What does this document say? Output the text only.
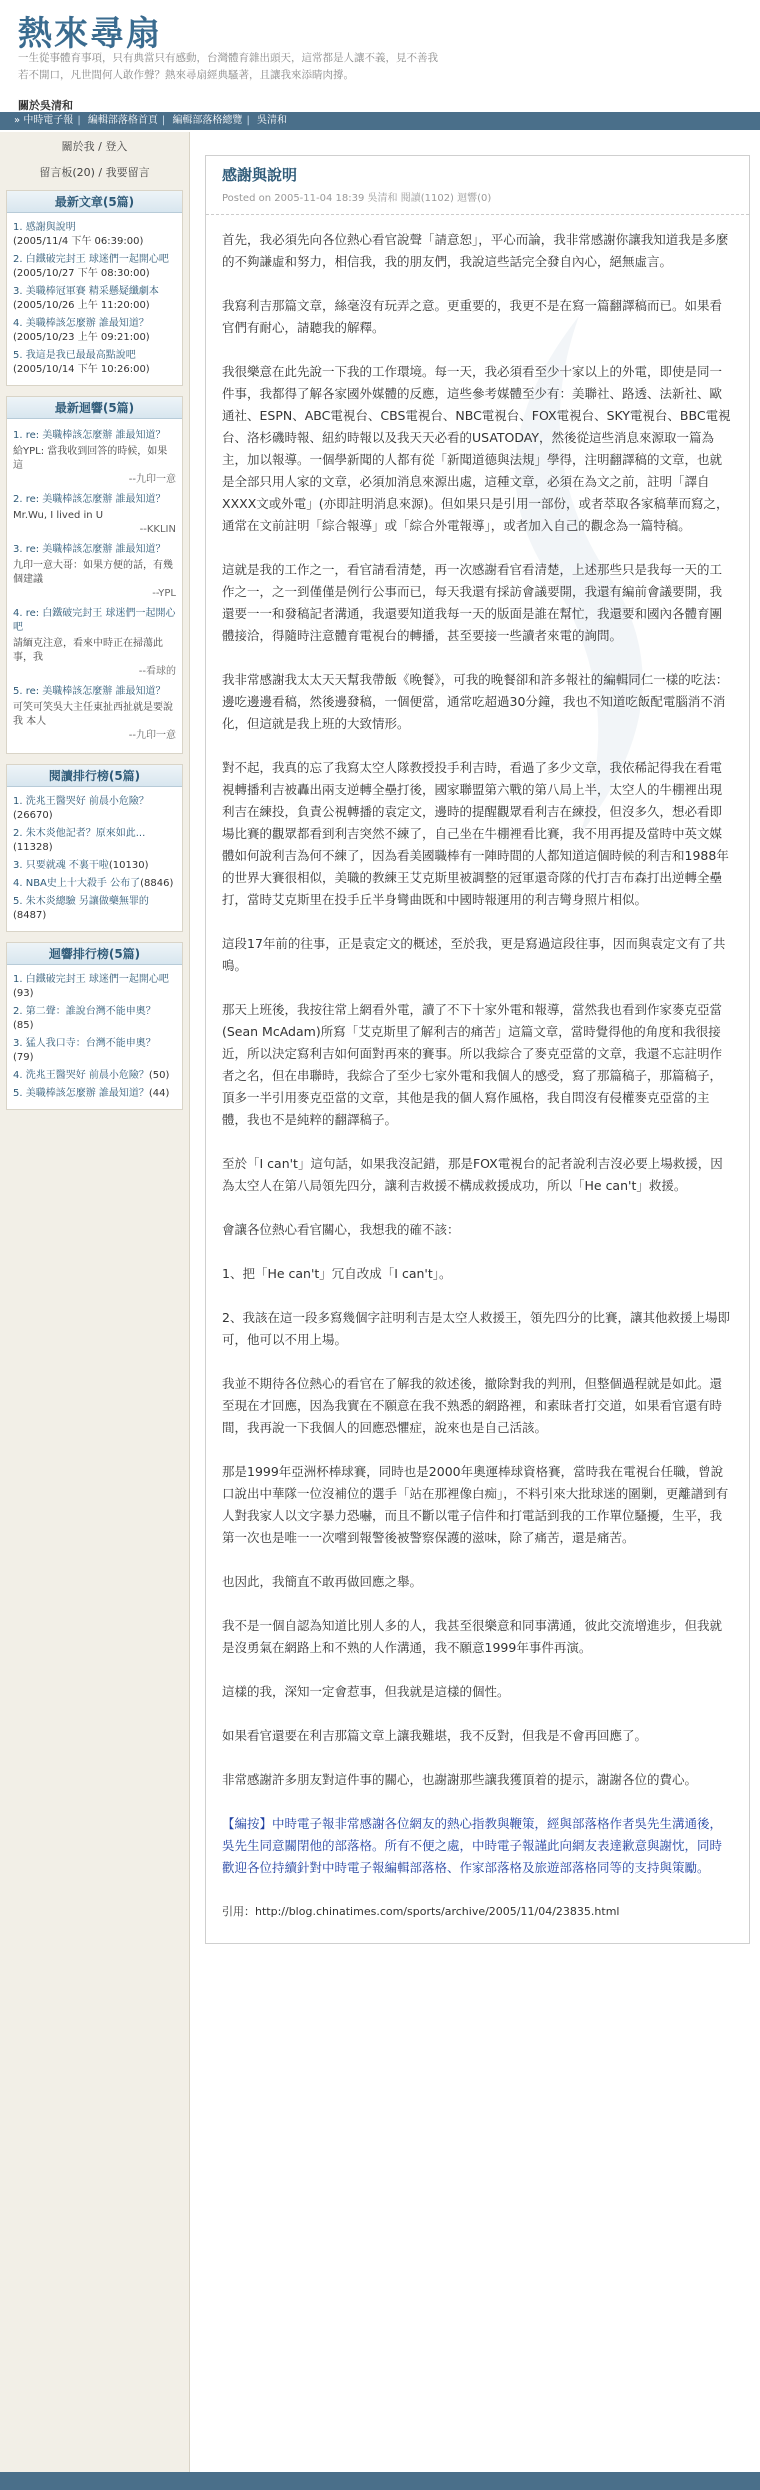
熱來尋扇
一生從事體育事項，只有典當只有感動，台灣體育雜出頭天，這常都是人讓不義，見不善我若不開口，凡世間何人敢作聲？熱來尋扇經典騷著，且讓我來添睛肉撐。
關於吳清和
» 中時電子報 | 編輯部落格首頁 | 編輯部落格總覽 | 吳清和
關於我 / 登入
留言板(20) / 我要留言
最新文章(5篇)
1. 感謝與說明
(2005/11/4 下午 06:39:00)
2. 白鐵破完封王 球迷們一起開心吧
(2005/10/27 下午 08:30:00)
3. 美職棒冠軍賽 精采懸疑纖劇本
(2005/10/26 上午 11:20:00)
4. 美職棒該怎麼辦 誰最知道？
(2005/10/23 上午 09:21:00)
5. 我這是我已最最高點說吧
(2005/10/14 下午 10:26:00)
最新迴響(5篇)
1. re: 美職棒該怎麼辦 誰最知道？
給YPL: 當我收到回答的時候，如果這
--九印一意
2. re: 美職棒該怎麼辦 誰最知道？
Mr.Wu, I lived in U
--KKLIN
3. re: 美職棒該怎麼辦 誰最知道？
九印一意大哥：如果方便的話，有幾個建議
--YPL
4. re: 白鐵破完封王 球迷們一起開心吧
請緬克注意，看來中時正在掃蕩此事，我
--看球的
5. re: 美職棒該怎麼辦 誰最知道？
可笑可笑吳大主任東扯西扯就是要說我 本人
--九印一意
閱讀排行榜(5篇)
1. 洗兆王醫哭好 前晨小危險？(26670)
2. 朱木炎他記者？原來如此...(11328)
3. 只要就魂 不裏干啦(10130)
4. NBA史上十大殺手 公布了(8846)
5. 朱木炎總驗 另讓做藥無罪的(8487)
迴響排行榜(5篇)
1. 白鐵破完封王 球迷們一起開心吧(93)
2. 第二聲：誰說台灣不能申奧？(85)
3. 猛人我口寺：台灣不能申奧？(79)
4. 洗兆王醫哭好 前晨小危險？(50)
5. 美職棒該怎麼辦 誰最知道？(44)
感謝與說明
Posted on 2005-11-04 18:39 吳清和 閱讀(1102) 迴響(0)

首先，我必須先向各位熱心看官說聲「請意恕」，平心而論，我非常感謝你讓我知道我是多麼的不夠謙虛和努力，相信我，我的朋友們，我說這些話完全發自內心，絕無虛言。

我寫利吉那篇文章，絲毫沒有玩弄之意。更重要的，我更不是在寫一篇翻譯稿而已。如果看官們有耐心，請聽我的解釋。

我很樂意在此先說一下我的工作環境。每一天，我必須看至少十家以上的外電，即使是同一件事，我都得了解各家國外媒體的反應，這些參考媒體至少有：美聯社、路透、法新社、歐通社、ESPN、ABC電視台、CBS電視台、NBC電視台、FOX電視台、SKY電視台、BBC電視台、洛杉磯時報、紐約時報以及我天天必看的USATODAY，然後從這些消息來源取一篇為主，加以報導。一個學新聞的人都有從「新聞道德與法規」學得，注明翻譯稿的文章，也就是全部只用人家的文章，必須加消息來源出處，這種文章，必須在為文之前，註明「譯自XXXX文或外電」(亦即註明消息來源)。但如果只是引用一部份，或者萃取各家稿華而寫之，通常在文前註明「綜合報導」或「綜合外電報導」，或者加入自己的觀念為一篇特稿。

這就是我的工作之一，看官請看清楚，再一次感謝看官看清楚，上述那些只是我每一天的工作之一，之一到僅僅是例行公事而已，每天我還有採訪會議要開，我還有編前會議要開，我還要一一和發稿記者溝通，我還要知道我每一天的版面是誰在幫忙，我還要和國內各體育團體接洽，得隨時注意體育電視台的轉播，甚至要接一些讀者來電的詢問。

我非常感謝我太太天天幫我帶飯《晚餐》，可我的晚餐卻和許多報社的編輯同仁一樣的吃法：邊吃邊邊看稿，然後邊發稿，一個便當，通常吃超過30分鐘，我也不知道吃飯配電腦消不消化，但這就是我上班的大致情形。

對不起，我真的忘了我寫太空人隊教授投手利吉時，看過了多少文章，我依稀記得我在看電視轉播利吉被轟出兩支逆轉全壘打後，國家聯盟第六戰的第八局上半，太空人的牛棚裡出現利吉在練投，負責公視轉播的袁定文，邊時的提醒觀眾看利吉在練投，但沒多久，想必看即場比賽的觀眾都看到利吉突然不練了，自己坐在牛棚裡看比賽，我不用再提及當時中英文媒體如何說利吉為何不練了，因為看美國職棒有一陣時間的人都知道這個時候的利吉和1988年的世界大賽很相似，美職的教練王艾克斯里被調整的冠軍還奇隊的代打吉布森打出逆轉全壘打，當時艾克斯里在投手丘半身彎曲既和中國時報運用的利吉彎身照片相似。

這段17年前的往事，正是袁定文的概述，至於我，更是寫過這段往事，因而與袁定文有了共鳴。

那天上班後，我按往常上網看外電，讀了不下十家外電和報導，當然我也看到作家麥克亞當(Sean McAdam)所寫「艾克斯里了解利吉的痛苦」這篇文章，當時覺得他的角度和我很接近，所以決定寫利吉如何面對再來的賽事。所以我綜合了麥克亞當的文章，我還不忘註明作者之名，但在串聯時，我綜合了至少七家外電和我個人的感受，寫了那篇稿子，那篇稿子，頂多一半引用麥克亞當的文章，其他是我的個人寫作風格，我自問沒有侵權麥克亞當的主體，我也不是純粹的翻譯稿子。

至於「I can't」這句話，如果我沒記錯，那是FOX電視台的記者說利吉沒必要上場救援，因為太空人在第八局領先四分，讓利吉救援不構成救援成功，所以「He can't」救援。

會讓各位熱心看官關心，我想我的確不該：

1、把「He can't」冗自改成「I can't」。

2、我該在這一段多寫幾個字註明利吉是太空人救援王，領先四分的比賽，讓其他救援上場即可，他可以不用上場。

我並不期待各位熱心的看官在了解我的敘述後，撤除對我的判刑，但整個過程就是如此。還至現在才回應，因為我實在不願意在我不熟悉的網路裡，和素昧者打交道，如果看官還有時間，我再說一下我個人的回應恐懼症，說來也是自己活該。

那是1999年亞洲杯棒球賽，同時也是2000年奧運棒球資格賽，當時我在電視台任職，曾說口說出中華隊一位沒補位的選手「站在那裡像白痴」，不料引來大批球迷的圍剿，更離譜到有人對我家人以文字暴力恐嚇，而且不斷以電子信件和打電話到我的工作單位騷擾，生平，我第一次也是唯一一次嚐到報警後被警察保護的滋味，除了痛苦，還是痛苦。

也因此，我簡直不敢再做回應之舉。

我不是一個自認為知道比別人多的人，我甚至很樂意和同事溝通，彼此交流增進步，但我就是沒勇氣在網路上和不熟的人作溝通，我不願意1999年事件再演。

這樣的我，深知一定會惹事，但我就是這樣的個性。

如果看官還要在利吉那篇文章上讓我難堪，我不反對，但我是不會再回應了。

非常感謝許多朋友對這件事的關心，也謝謝那些讓我獲頂着的提示，謝謝各位的費心。

【編按】中時電子報非常感謝各位網友的熱心指教與鞭策，經與部落格作者吳先生溝通後，吳先生同意關閉他的部落格。所有不便之處，中時電子報謹此向網友表達歉意與謝忱，同時歡迎各位持續針對中時電子報編輯部落格、作家部落格及旅遊部落格同等的支持與策勵。

引用：http://blog.chinatimes.com/sports/archive/2005/11/04/23835.html
